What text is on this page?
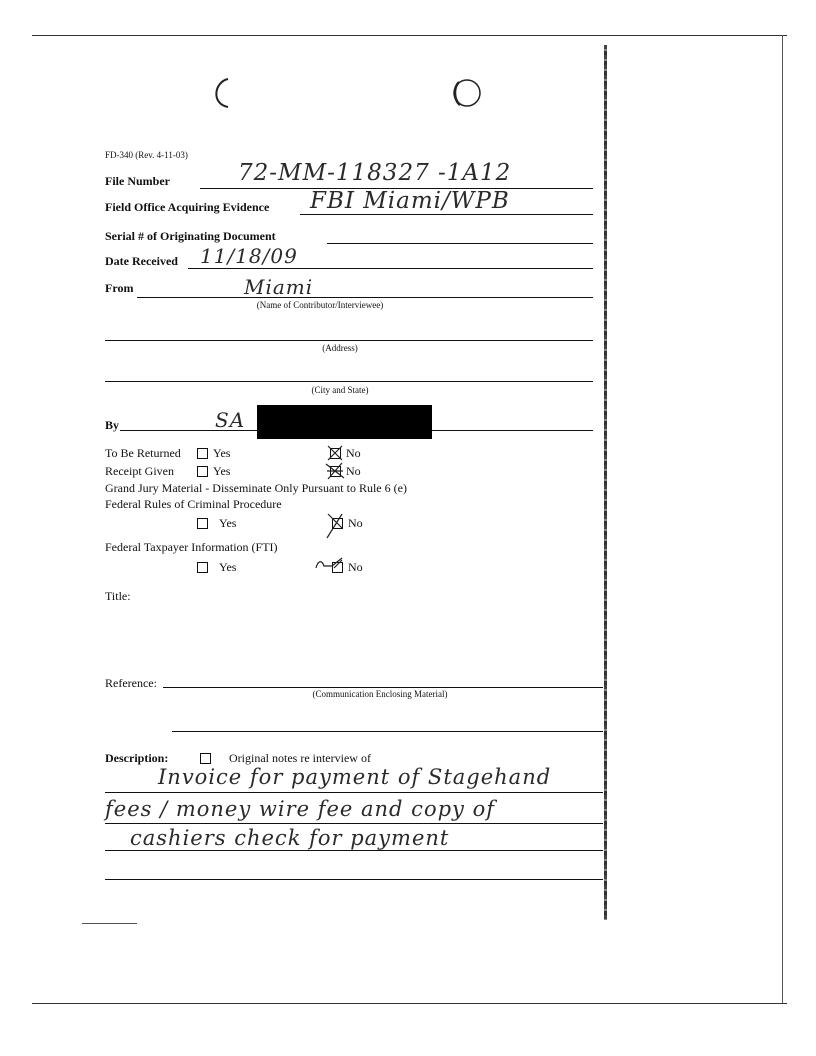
FD-340 (Rev. 4-11-03)
File Number	72-MM-118327 -1A12
Field Office Acquiring Evidence FBI Miami/WPB
Serial # of Originating Document
Date Received 11/18/09
From	Miami
(Name of Contributor/Interviewee)
(Address)
(City and State)
By	SA
To Be Returned	Yes	No
Receipt Given	Yes	No
Grand Jury Material - Disseminate Only Pursuant to Rule 6 (e)
Federal Rules of Criminal Procedure
Yes	No
Federal Taxpayer Information (FTI)
Yes	No
Title:
Reference:
(Communication Enclosing Material)
Description:	Original notes re interview of
Invoice for payment of Stagehand
fees / money wire fee and copy of
cashiers check for payment
